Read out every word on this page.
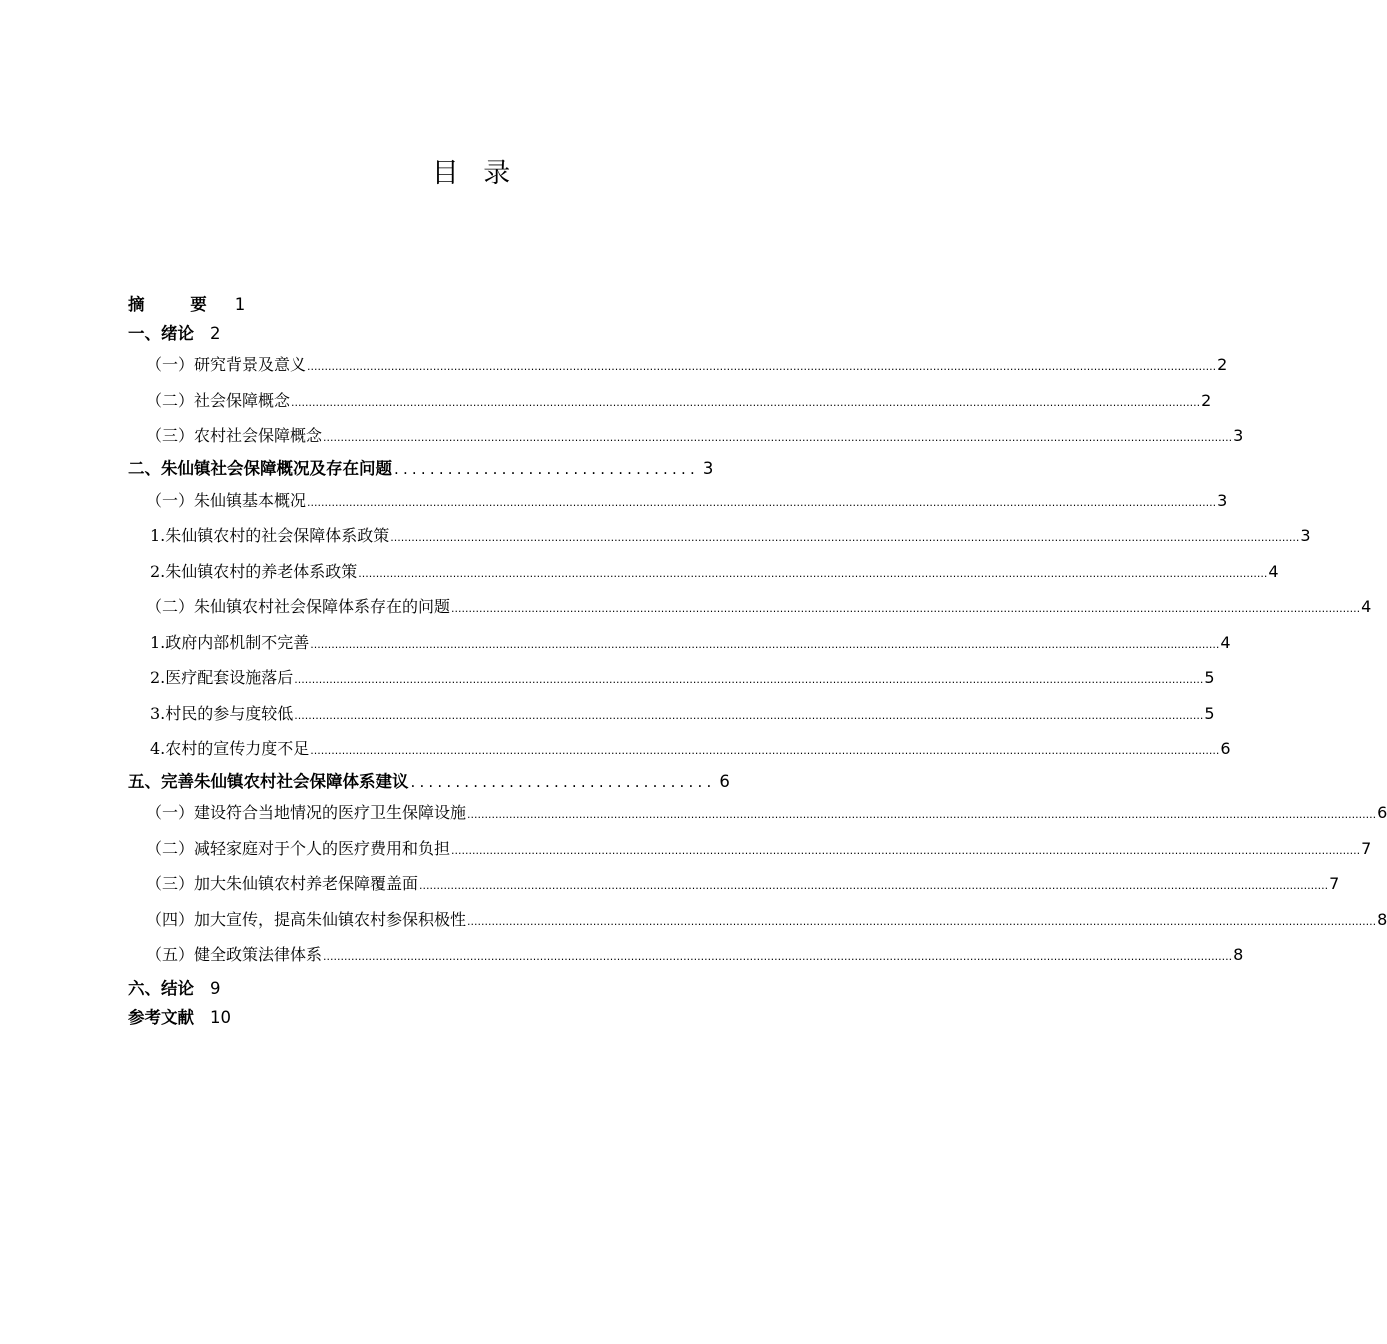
目 录
摘 要 1
一、绪论 2
（一）研究背景及意义 .................................................................................................................................................................................................................................................................... 2
（二）社会保障概念 .................................................................................................................................................................................................................................................................... 2
（三）农村社会保障概念 .................................................................................................................................................................................................................................................................... 3
二、朱仙镇社会保障概况及存在问题 .................................. 3
（一）朱仙镇基本概况 .................................................................................................................................................................................................................................................................... 3
1.朱仙镇农村的社会保障体系政策 .................................................................................................................................................................................................................................................................... 3
2.朱仙镇农村的养老体系政策 .................................................................................................................................................................................................................................................................... 4
（二）朱仙镇农村社会保障体系存在的问题 .................................................................................................................................................................................................................................................................... 4
1.政府内部机制不完善 .................................................................................................................................................................................................................................................................... 4
2.医疗配套设施落后 .................................................................................................................................................................................................................................................................... 5
3.村民的参与度较低 .................................................................................................................................................................................................................................................................... 5
4.农村的宣传力度不足 .................................................................................................................................................................................................................................................................... 6
五、完善朱仙镇农村社会保障体系建议 .................................. 6
（一）建设符合当地情况的医疗卫生保障设施 .................................................................................................................................................................................................................................................................... 6
（二）减轻家庭对于个人的医疗费用和负担 .................................................................................................................................................................................................................................................................... 7
（三）加大朱仙镇农村养老保障覆盖面 .................................................................................................................................................................................................................................................................... 7
（四）加大宣传，提高朱仙镇农村参保积极性 .................................................................................................................................................................................................................................................................... 8
（五）健全政策法律体系 .................................................................................................................................................................................................................................................................... 8
六、结论 9
参考文献 10
